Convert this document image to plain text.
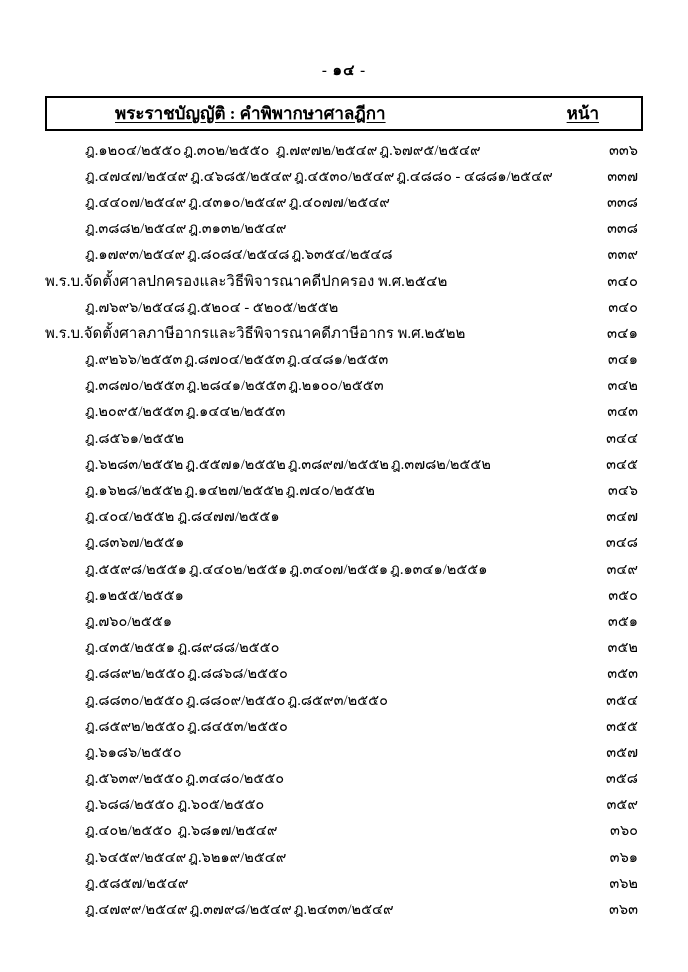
- ๑๔ -
พระราชบัญญัติ : คำพิพากษาศาลฎีกา	หน้า
ฎ.๑๒๐๔/๒๕๕๐ ฎ.๓๐๒/๒๕๕๐ ฎ.๗๙๗๒/๒๕๔๙ ฎ.๖๗๙๕/๒๕๔๙	๓๓๖
ฎ.๔๗๔๗/๒๕๔๙ ฎ.๔๖๘๕/๒๕๔๙ ฎ.๔๕๓๐/๒๕๔๙ ฎ.๔๘๘๐ - ๔๘๘๑/๒๕๔๙	๓๓๗
ฎ.๔๔๐๗/๒๕๔๙ ฎ.๔๓๑๐/๒๕๔๙ ฎ.๔๐๗๗/๒๕๔๙	๓๓๘
ฎ.๓๘๘๒/๒๕๔๙ ฎ.๓๑๓๒/๒๕๔๙	๓๓๘
ฎ.๑๗๙๓/๒๕๔๙ ฎ.๘๐๘๔/๒๕๔๘ ฎ.๖๓๕๔/๒๕๔๘	๓๓๙
พ.ร.บ.จัดตั้งศาลปกครองและวิธีพิจารณาคดีปกครอง พ.ศ.๒๕๔๒	๓๔๐
ฎ.๗๖๙๖/๒๕๔๘ ฎ.๕๒๐๔ - ๕๒๐๕/๒๕๕๒	๓๔๐
พ.ร.บ.จัดตั้งศาลภาษีอากรและวิธีพิจารณาคดีภาษีอากร พ.ศ.๒๕๒๒	๓๔๑
ฎ.๙๒๖๖/๒๕๕๓ ฎ.๘๗๐๔/๒๕๕๓ ฎ.๔๔๘๑/๒๕๕๓	๓๔๑
ฎ.๓๘๗๐/๒๕๕๓ ฎ.๒๘๔๑/๒๕๕๓ ฎ.๒๑๐๐/๒๕๕๓	๓๔๒
ฎ.๒๐๙๕/๒๕๕๓ ฎ.๑๔๔๒/๒๕๕๓	๓๔๓
ฎ.๘๕๖๑/๒๕๕๒	๓๔๔
ฎ.๖๒๘๓/๒๕๕๒ ฎ.๕๕๗๑/๒๕๕๒ ฎ.๓๘๙๗/๒๕๕๒ ฎ.๓๗๘๒/๒๕๕๒	๓๔๕
ฎ.๑๖๒๘/๒๕๕๒ ฎ.๑๔๒๗/๒๕๕๒ ฎ.๗๔๐/๒๕๕๒	๓๔๖
ฎ.๔๐๔/๒๕๕๒ ฎ.๘๔๗๗/๒๕๕๑	๓๔๗
ฎ.๘๓๖๗/๒๕๕๑	๓๔๘
ฎ.๕๕๙๘/๒๕๕๑ ฎ.๔๔๐๒/๒๕๕๑ ฎ.๓๔๐๗/๒๕๕๑ ฎ.๑๓๔๑/๒๕๕๑	๓๔๙
ฎ.๑๒๕๕/๒๕๕๑	๓๕๐
ฎ.๗๖๐/๒๕๕๑	๓๕๑
ฎ.๔๓๕/๒๕๕๑ ฎ.๘๙๘๘/๒๕๕๐	๓๕๒
ฎ.๘๘๙๒/๒๕๕๐ ฎ.๘๘๖๘/๒๕๕๐	๓๕๓
ฎ.๘๘๓๐/๒๕๕๐ ฎ.๘๘๐๙/๒๕๕๐ ฎ.๘๕๙๓/๒๕๕๐	๓๕๔
ฎ.๘๕๙๒/๒๕๕๐ ฎ.๘๔๕๓/๒๕๕๐	๓๕๕
ฎ.๖๑๘๖/๒๕๕๐	๓๕๗
ฎ.๕๖๓๙/๒๕๕๐ ฎ.๓๔๘๐/๒๕๕๐	๓๕๘
ฎ.๖๘๘/๒๕๕๐ ฎ.๖๐๕/๒๕๕๐	๓๕๙
ฎ.๔๐๒/๒๕๕๐ ฎ.๖๘๑๗/๒๕๔๙	๓๖๐
ฎ.๖๔๕๙/๒๕๔๙ ฎ.๖๒๑๙/๒๕๔๙	๓๖๑
ฎ.๕๘๕๗/๒๕๔๙	๓๖๒
ฎ.๔๗๙๙/๒๕๔๙ ฎ.๓๗๙๘/๒๕๔๙ ฎ.๒๔๓๓/๒๕๔๙	๓๖๓
